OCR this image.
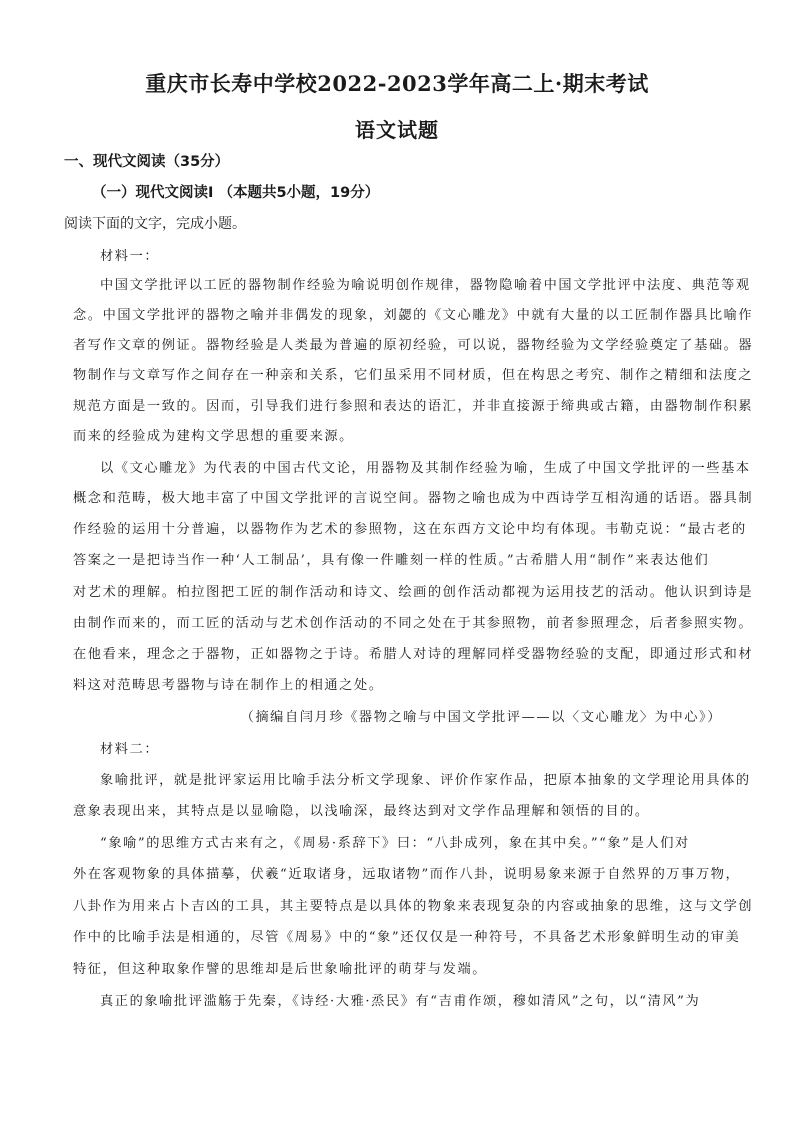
重庆市长寿中学校2022-2023学年高二上·期末考试
语文试题
一、现代文阅读（35分）
（一）现代文阅读Ⅰ （本题共5小题，19分）
阅读下面的文字，完成小题。
材料一：
中国文学批评以工匠的器物制作经验为喻说明创作规律，器物隐喻着中国文学批评中法度、典范等观
念。中国文学批评的器物之喻并非偶发的现象，刘勰的《文心雕龙》中就有大量的以工匠制作器具比喻作
者写作文章的例证。器物经验是人类最为普遍的原初经验，可以说，器物经验为文学经验奠定了基础。器
物制作与文章写作之间存在一种亲和关系，它们虽采用不同材质，但在构思之考究、制作之精细和法度之
规范方面是一致的。因而，引导我们进行参照和表达的语汇，并非直接源于缔典或古籍，由器物制作积累
而来的经验成为建构文学思想的重要来源。
以《文心雕龙》为代表的中国古代文论，用器物及其制作经验为喻，生成了中国文学批评的一些基本
概念和范畴，极大地丰富了中国文学批评的言说空间。器物之喻也成为中西诗学互相沟通的话语。器具制
作经验的运用十分普遍，以器物作为艺术的参照物，这在东西方文论中均有体现。韦勒克说：“最古老的
答案之一是把诗当作一种‘人工制品’，具有像一件雕刻一样的性质。”古希腊人用“制作”来表达他们
对艺术的理解。柏拉图把工匠的制作活动和诗文、绘画的创作活动都视为运用技艺的活动。他认识到诗是
由制作而来的，而工匠的活动与艺术创作活动的不同之处在于其参照物，前者参照理念，后者参照实物。
在他看来，理念之于器物，正如器物之于诗。希腊人对诗的理解同样受器物经验的支配，即通过形式和材
料这对范畴思考器物与诗在制作上的相通之处。
（摘编自闫月珍《器物之喻与中国文学批评——以〈文心雕龙〉为中心》）
材料二：
象喻批评，就是批评家运用比喻手法分析文学现象、评价作家作品，把原本抽象的文学理论用具体的
意象表现出来，其特点是以显喻隐，以浅喻深，最终达到对文学作品理解和领悟的目的。
“象喻”的思维方式古来有之，《周易·系辞下》曰：“八卦成列，象在其中矣。”“象”是人们对
外在客观物象的具体描摹，伏羲“近取诸身，远取诸物”而作八卦，说明易象来源于自然界的万事万物，
八卦作为用来占卜吉凶的工具，其主要特点是以具体的物象来表现复杂的内容或抽象的思维，这与文学创
作中的比喻手法是相通的，尽管《周易》中的“象”还仅仅是一种符号，不具备艺术形象鲜明生动的审美
特征，但这种取象作譬的思维却是后世象喻批评的萌芽与发端。
真正的象喻批评滥觞于先秦，《诗经·大雅·烝民》有“吉甫作颂，穆如清风”之句，以“清风”为
